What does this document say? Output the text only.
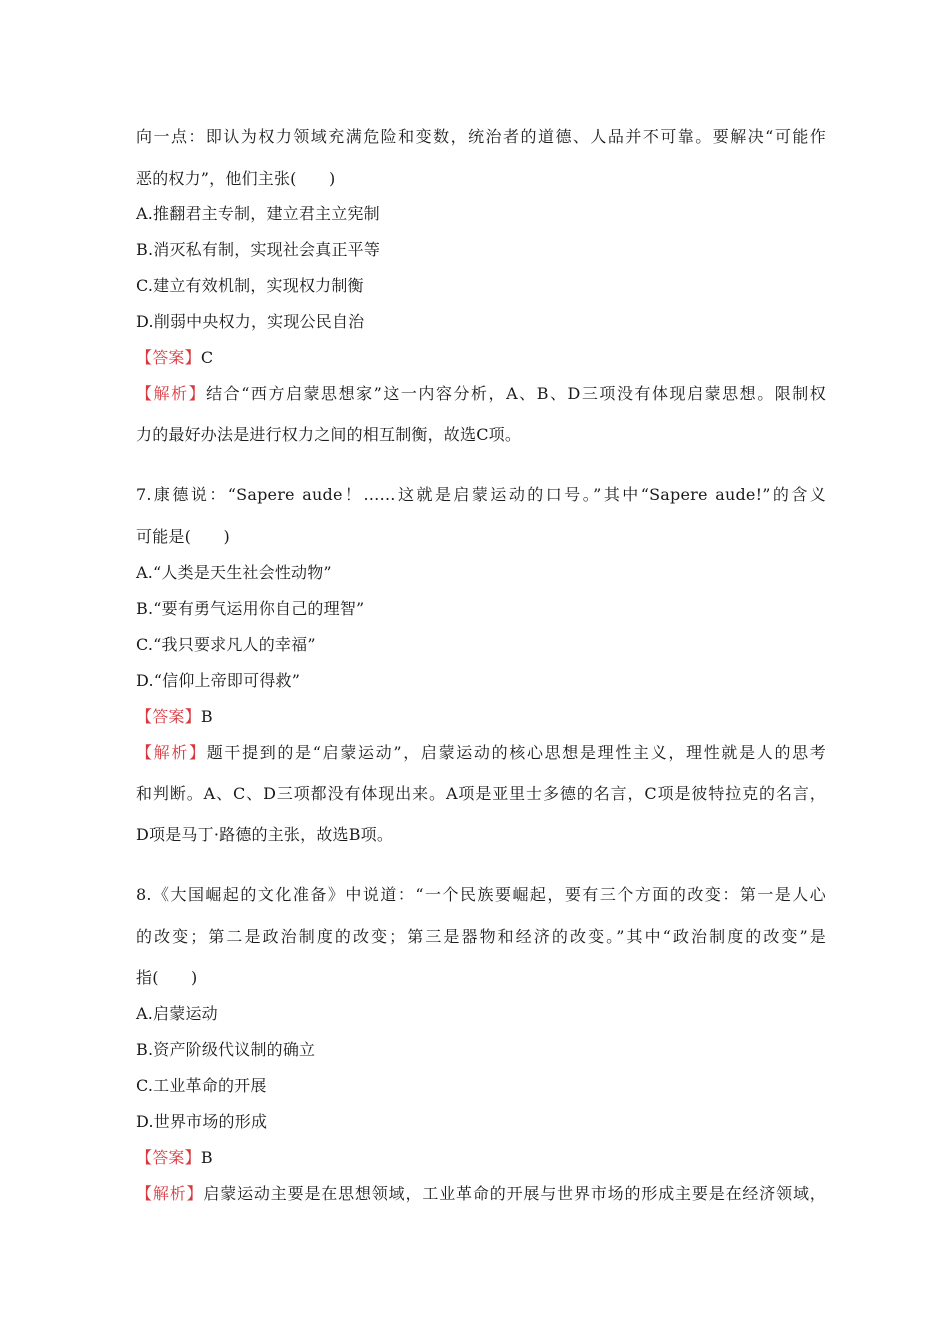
向一点：即认为权力领域充满危险和变数，统治者的道德、人品并不可靠。要解决“可能作
恶的权力”，他们主张(　　)
A.推翻君主专制，建立君主立宪制
B.消灭私有制，实现社会真正平等
C.建立有效机制，实现权力制衡
D.削弱中央权力，实现公民自治
【答案】C
【解析】结合“西方启蒙思想家”这一内容分析，A、B、D三项没有体现启蒙思想。限制权
力的最好办法是进行权力之间的相互制衡，故选C项。
7.康德说：“Sapere aude！……这就是启蒙运动的口号。”其中“Sapere aude!”的含义
可能是(　　)
A.“人类是天生社会性动物”
B.“要有勇气运用你自己的理智”
C.“我只要求凡人的幸福”
D.“信仰上帝即可得救”
【答案】B
【解析】题干提到的是“启蒙运动”，启蒙运动的核心思想是理性主义，理性就是人的思考
和判断。A、C、D三项都没有体现出来。A项是亚里士多德的名言，C项是彼特拉克的名言，
D项是马丁·路德的主张，故选B项。
8.《大国崛起的文化准备》中说道：“一个民族要崛起，要有三个方面的改变：第一是人心
的改变；第二是政治制度的改变；第三是器物和经济的改变。”其中“政治制度的改变”是
指(　　)
A.启蒙运动
B.资产阶级代议制的确立
C.工业革命的开展
D.世界市场的形成
【答案】B
【解析】启蒙运动主要是在思想领域，工业革命的开展与世界市场的形成主要是在经济领域，
